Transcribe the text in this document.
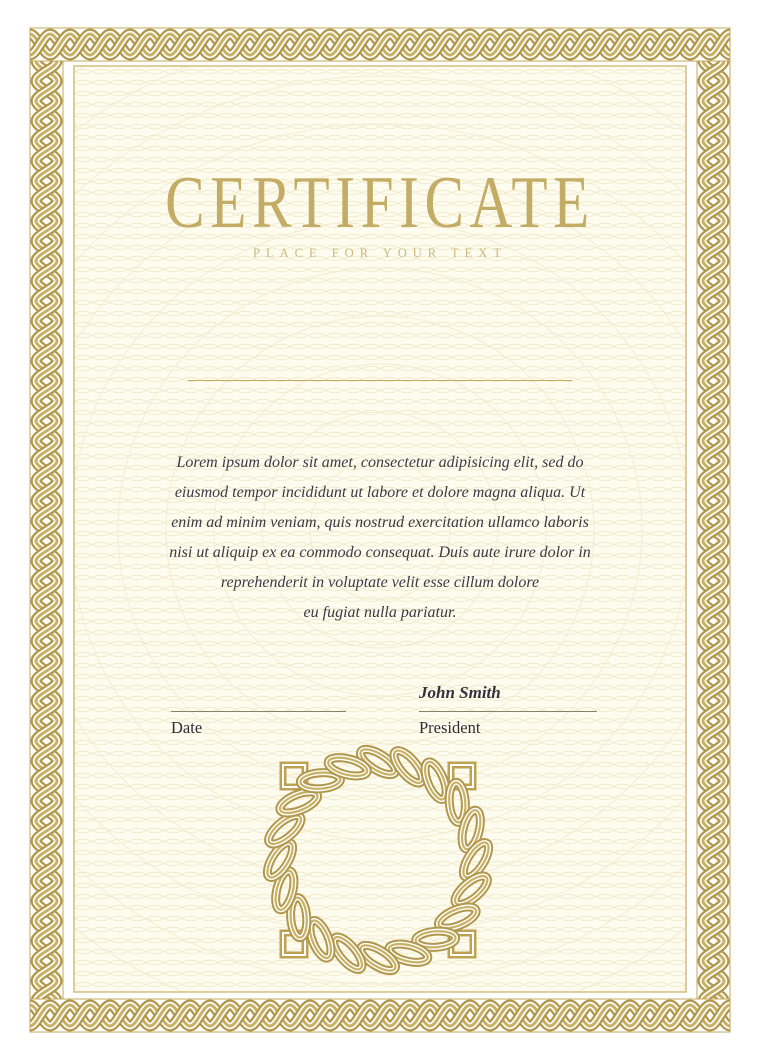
CERTIFICATE
PLACE FOR YOUR TEXT
Lorem ipsum dolor sit amet, consectetur adipisicing elit, sed do
eiusmod tempor incididunt ut labore et dolore magna aliqua. Ut
enim ad minim veniam, quis nostrud exercitation ullamco laboris
nisi ut aliquip ex ea commodo consequat. Duis aute irure dolor in
reprehenderit in voluptate velit esse cillum dolore
eu fugiat nulla pariatur.
John Smith
Date	President
